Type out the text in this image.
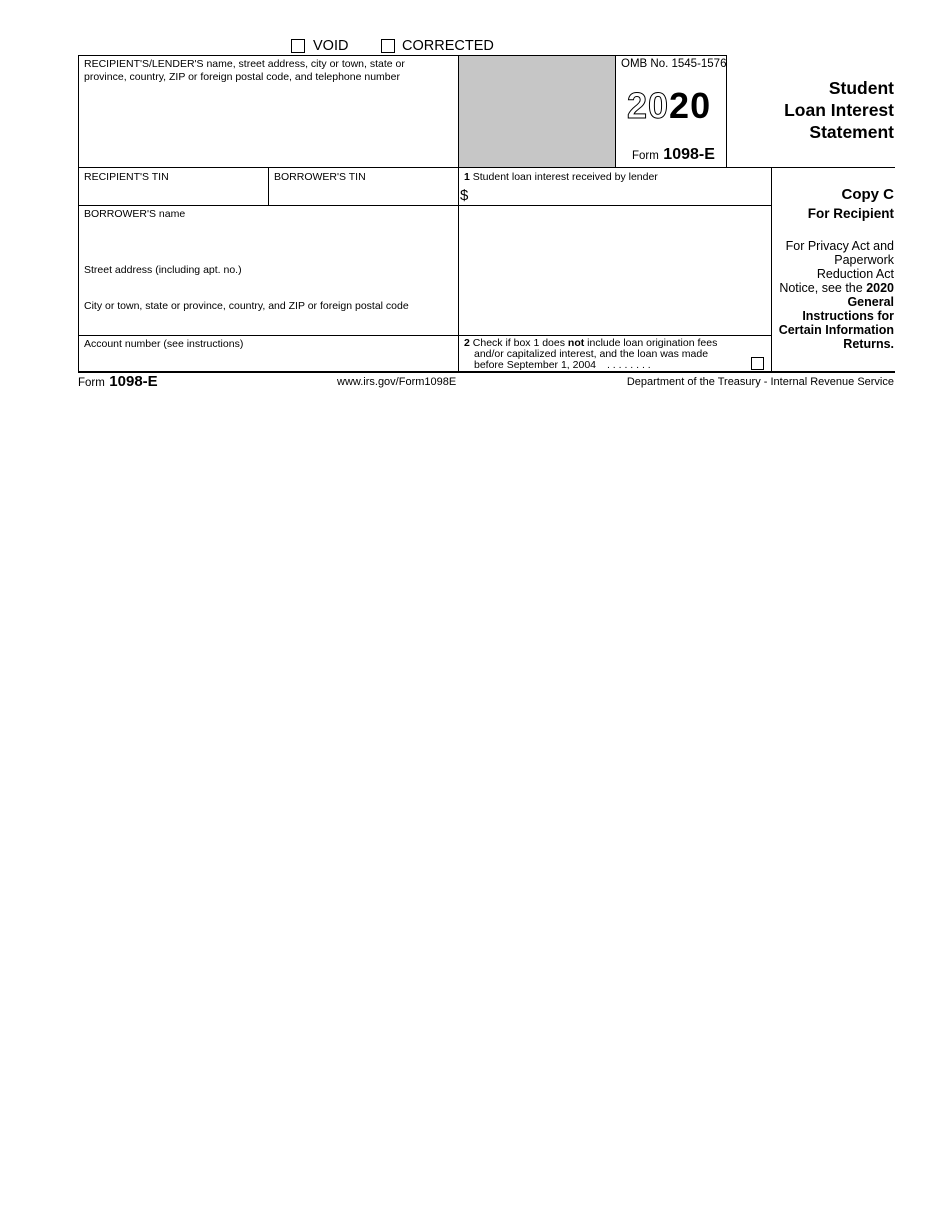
VOID	CORRECTED
RECIPIENT'S/LENDER'S name, street address, city or town, state or province, country, ZIP or foreign postal code, and telephone number
OMB No. 1545-1576
2020
Form 1098-E
Student
Loan Interest
Statement
RECIPIENT'S TIN	BORROWER'S TIN	1 Student loan interest received by lender
$	Copy C
For Recipient
For Privacy Act and
Paperwork
Reduction Act
Notice, see the 2020
General
Instructions for
Certain Information
Returns.
BORROWER'S name
Street address (including apt. no.)
City or town, state or province, country, and ZIP or foreign postal code
Account number (see instructions)	2 Check if box 1 does not include loan origination fees
and/or capitalized interest, and the loan was made
before September 1, 2004 . . . . . . . .
Form 1098-E	www.irs.gov/Form1098E	Department of the Treasury - Internal Revenue Service
